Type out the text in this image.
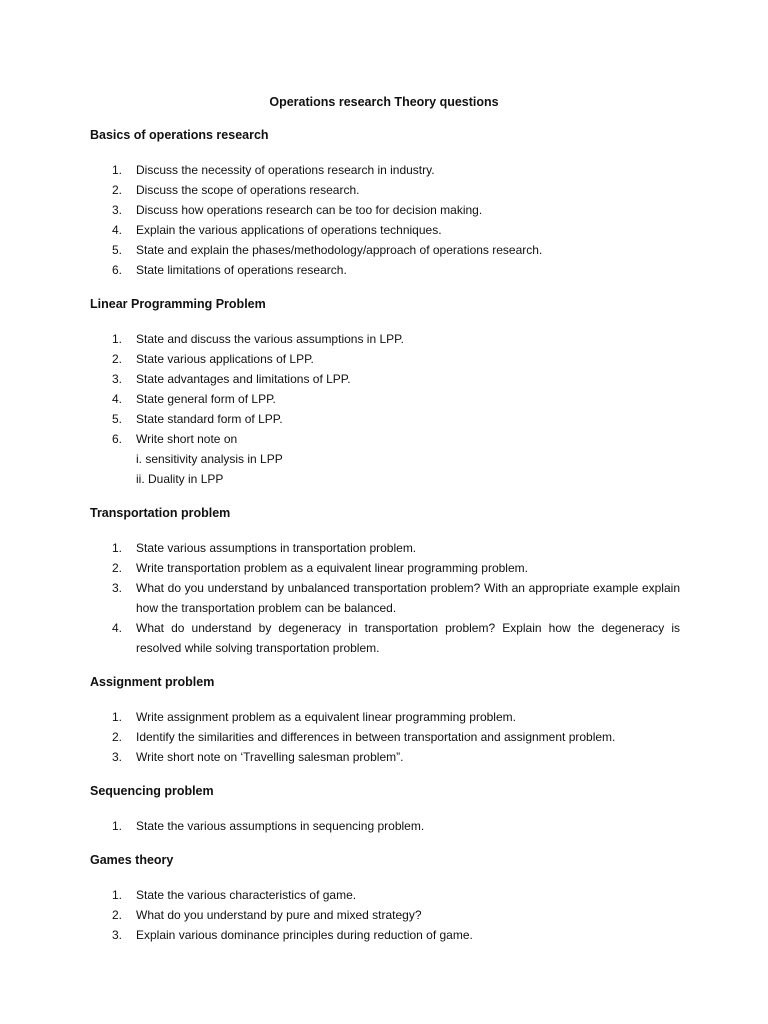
Operations research Theory questions
Basics of operations research
1. Discuss the necessity of operations research in industry.
2. Discuss the scope of operations research.
3. Discuss how operations research can be too for decision making.
4. Explain the various applications of operations techniques.
5. State and explain the phases/methodology/approach of operations research.
6. State limitations of operations research.
Linear Programming Problem
1. State and discuss the various assumptions in LPP.
2. State various applications of LPP.
3. State advantages and limitations of LPP.
4. State general form of LPP.
5. State standard form of LPP.
6. Write short note on
i. sensitivity analysis in LPP
ii. Duality in LPP
Transportation problem
1. State various assumptions in transportation problem.
2. Write transportation problem as a equivalent linear programming problem.
3. What do you understand by unbalanced transportation problem? With an appropriate example explain how the transportation problem can be balanced.
4. What do understand by degeneracy in transportation problem? Explain how the degeneracy is resolved while solving transportation problem.
Assignment problem
1. Write assignment problem as a equivalent linear programming problem.
2. Identify the similarities and differences in between transportation and assignment problem.
3. Write short note on ‘Travelling salesman problem”.
Sequencing problem
1. State the various assumptions in sequencing problem.
Games theory
1. State the various characteristics of game.
2. What do you understand by pure and mixed strategy?
3. Explain various dominance principles during reduction of game.
